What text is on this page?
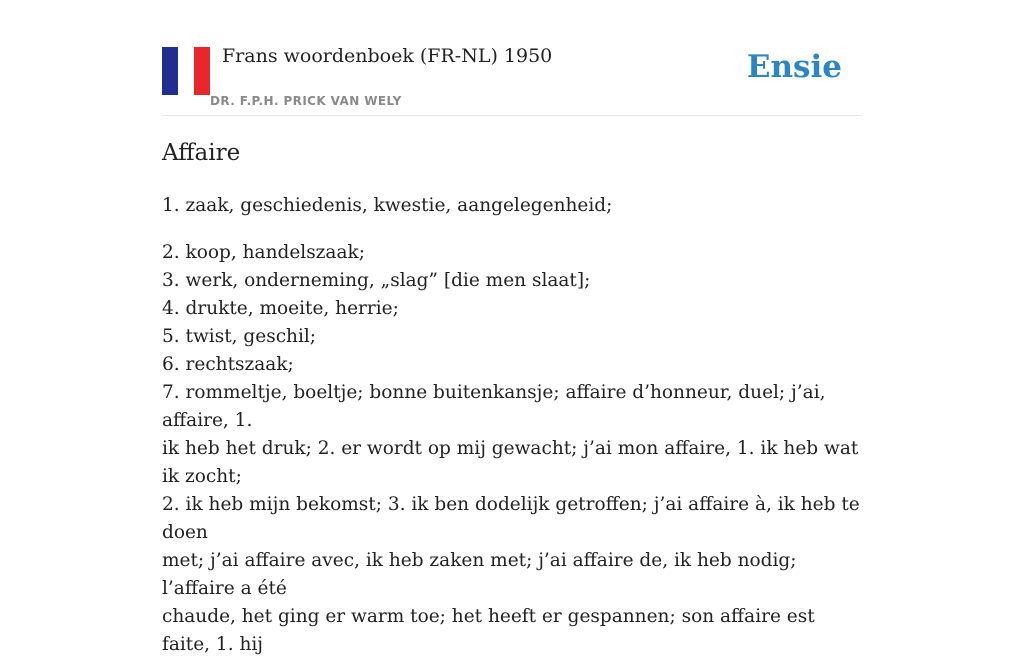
Frans woordenboek (FR-NL) 1950
DR. F.P.H. PRICK VAN WELY
Ensie
Affaire

1. zaak, geschiedenis, kwestie, aangelegenheid;

2. koop, handelszaak;

3. werk, onderneming, „slag” [die men slaat];

4. drukte, moeite, herrie;

5. twist, geschil;

6. rechtszaak;

7. rommeltje, boeltje; bonne buitenkansje; affaire d’honneur, duel; j’ai, affaire, 1.

ik heb het druk; 2. er wordt op mij gewacht; j’ai mon affaire, 1. ik heb wat ik zocht;

2. ik heb mijn bekomst; 3. ik ben dodelijk getroffen; j’ai affaire à, ik heb te doen

met; j’ai affaire avec, ik heb zaken met; j’ai affaire de, ik heb nodig; l’affaire a été

chaude, het ging er warm toe; het heeft er gespannen; son affaire est faite, 1. hij
